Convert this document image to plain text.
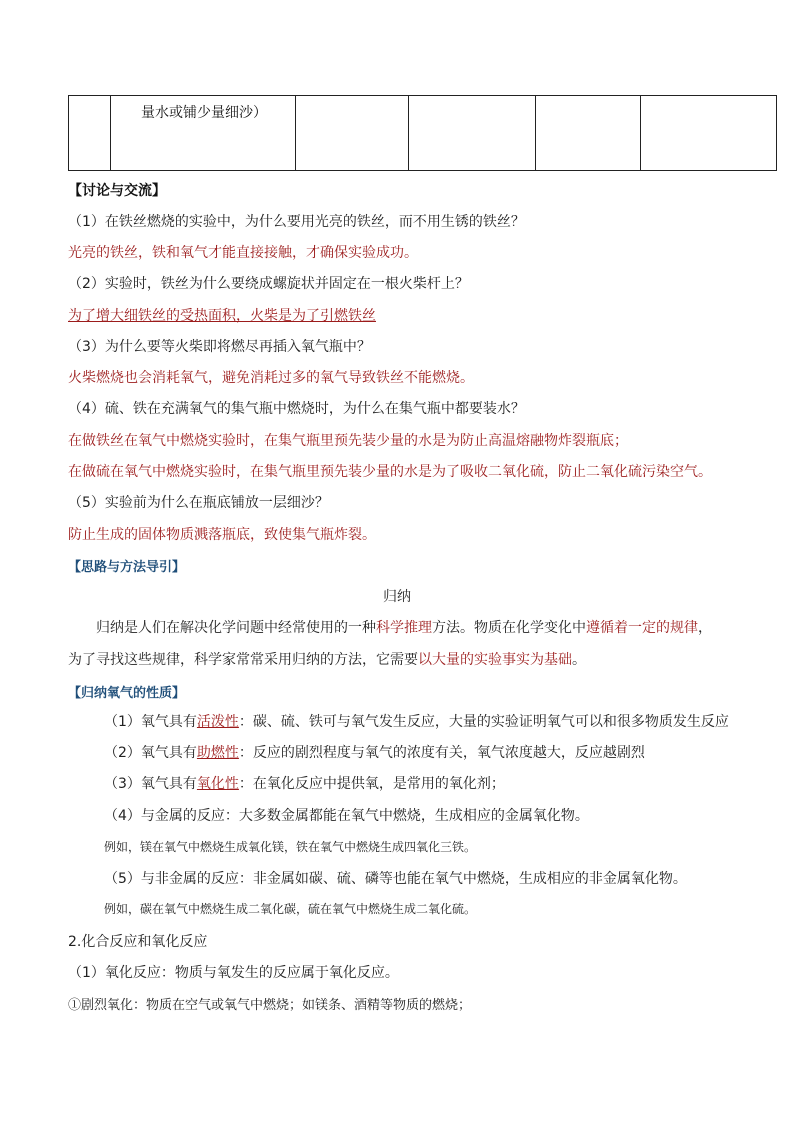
量水或铺少量细沙）

【讨论与交流】
（1）在铁丝燃烧的实验中，为什么要用光亮的铁丝，而不用生锈的铁丝？
光亮的铁丝，铁和氧气才能直接接触，才确保实验成功。
（2）实验时，铁丝为什么要绕成螺旋状并固定在一根火柴杆上？
为了增大细铁丝的受热面积，火柴是为了引燃铁丝
（3）为什么要等火柴即将燃尽再插入氧气瓶中？
火柴燃烧也会消耗氧气，避免消耗过多的氧气导致铁丝不能燃烧。
（4）硫、铁在充满氧气的集气瓶中燃烧时，为什么在集气瓶中都要装水？
在做铁丝在氧气中燃烧实验时，在集气瓶里预先装少量的水是为防止高温熔融物炸裂瓶底；
在做硫在氧气中燃烧实验时，在集气瓶里预先装少量的水是为了吸收二氧化硫，防止二氧化硫污染空气。
（5）实验前为什么在瓶底铺放一层细沙？
防止生成的固体物质溅落瓶底，致使集气瓶炸裂。
【思路与方法导引】
归纳
归纳是人们在解决化学问题中经常使用的一种科学推理方法。物质在化学变化中遵循着一定的规律，
为了寻找这些规律，科学家常常采用归纳的方法，它需要以大量的实验事实为基础。
【归纳氧气的性质】
（1）氧气具有活泼性：碳、硫、铁可与氧气发生反应，大量的实验证明氧气可以和很多物质发生反应
（2）氧气具有助燃性：反应的剧烈程度与氧气的浓度有关，氧气浓度越大，反应越剧烈
（3）氧气具有氧化性：在氧化反应中提供氧，是常用的氧化剂；
（4）与金属的反应：大多数金属都能在氧气中燃烧，生成相应的金属氧化物。
例如，镁在氧气中燃烧生成氧化镁，铁在氧气中燃烧生成四氧化三铁。
（5）与非金属的反应：非金属如碳、硫、磷等也能在氧气中燃烧，生成相应的非金属氧化物。
例如，碳在氧气中燃烧生成二氧化碳，硫在氧气中燃烧生成二氧化硫。
2.化合反应和氧化反应
（1）氧化反应：物质与氧发生的反应属于氧化反应。
①剧烈氧化：物质在空气或氧气中燃烧；如镁条、酒精等物质的燃烧；
